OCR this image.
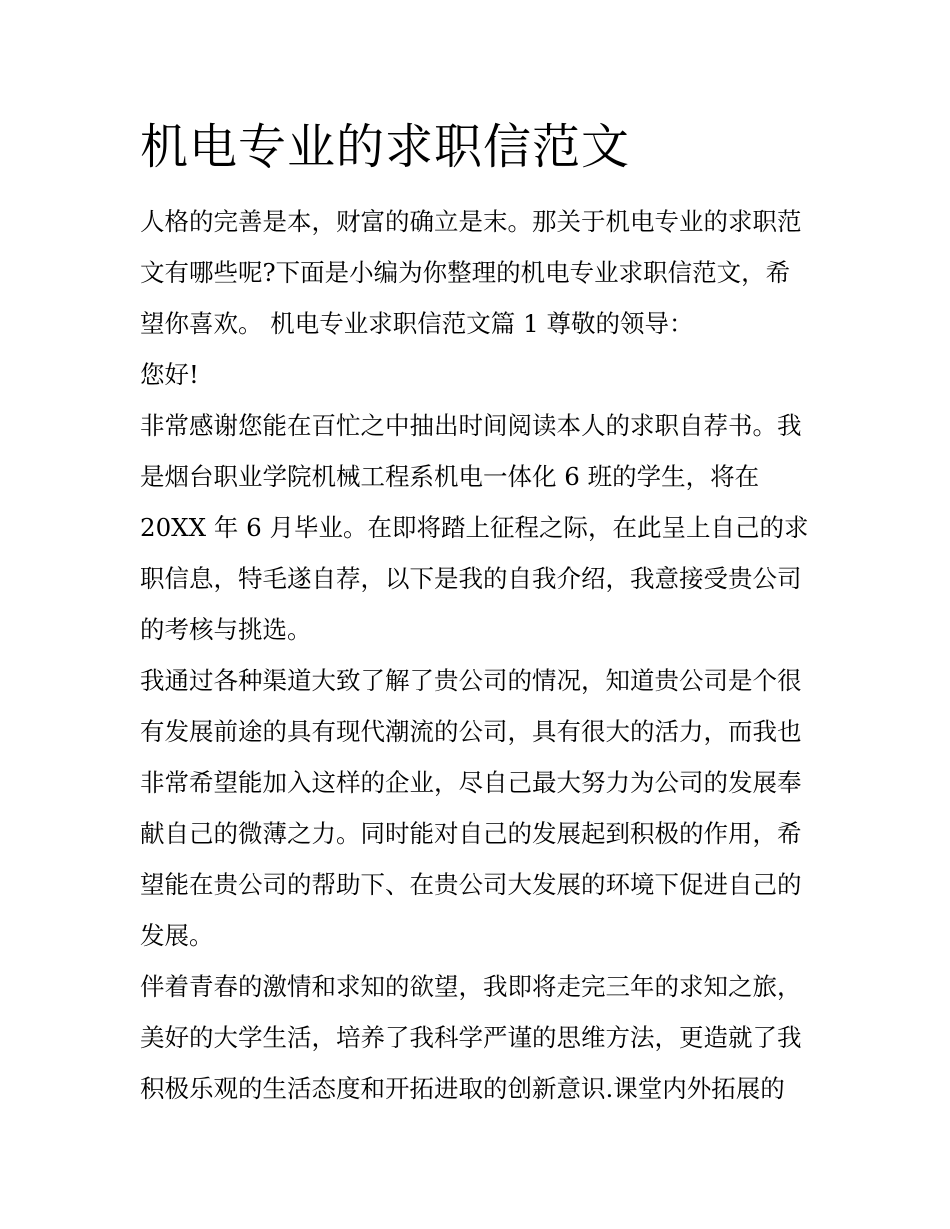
机电专业的求职信范文

人格的完善是本，财富的确立是末。那关于机电专业的求职范

文有哪些呢?下面是小编为你整理的机电专业求职信范文，希

望你喜欢。 机电专业求职信范文篇 1 尊敬的领导：

您好!

非常感谢您能在百忙之中抽出时间阅读本人的求职自荐书。我

是烟台职业学院机械工程系机电一体化 6 班的学生，将在

20XX 年 6 月毕业。在即将踏上征程之际，在此呈上自己的求

职信息，特毛遂自荐，以下是我的自我介绍，我意接受贵公司

的考核与挑选。

我通过各种渠道大致了解了贵公司的情况，知道贵公司是个很

有发展前途的具有现代潮流的公司，具有很大的活力，而我也

非常希望能加入这样的企业，尽自己最大努力为公司的发展奉

献自己的微薄之力。同时能对自己的发展起到积极的作用，希

望能在贵公司的帮助下、在贵公司大发展的环境下促进自己的

发展。

伴着青春的激情和求知的欲望，我即将走完三年的求知之旅，

美好的大学生活，培养了我科学严谨的思维方法，更造就了我

积极乐观的生活态度和开拓进取的创新意识.课堂内外拓展的
